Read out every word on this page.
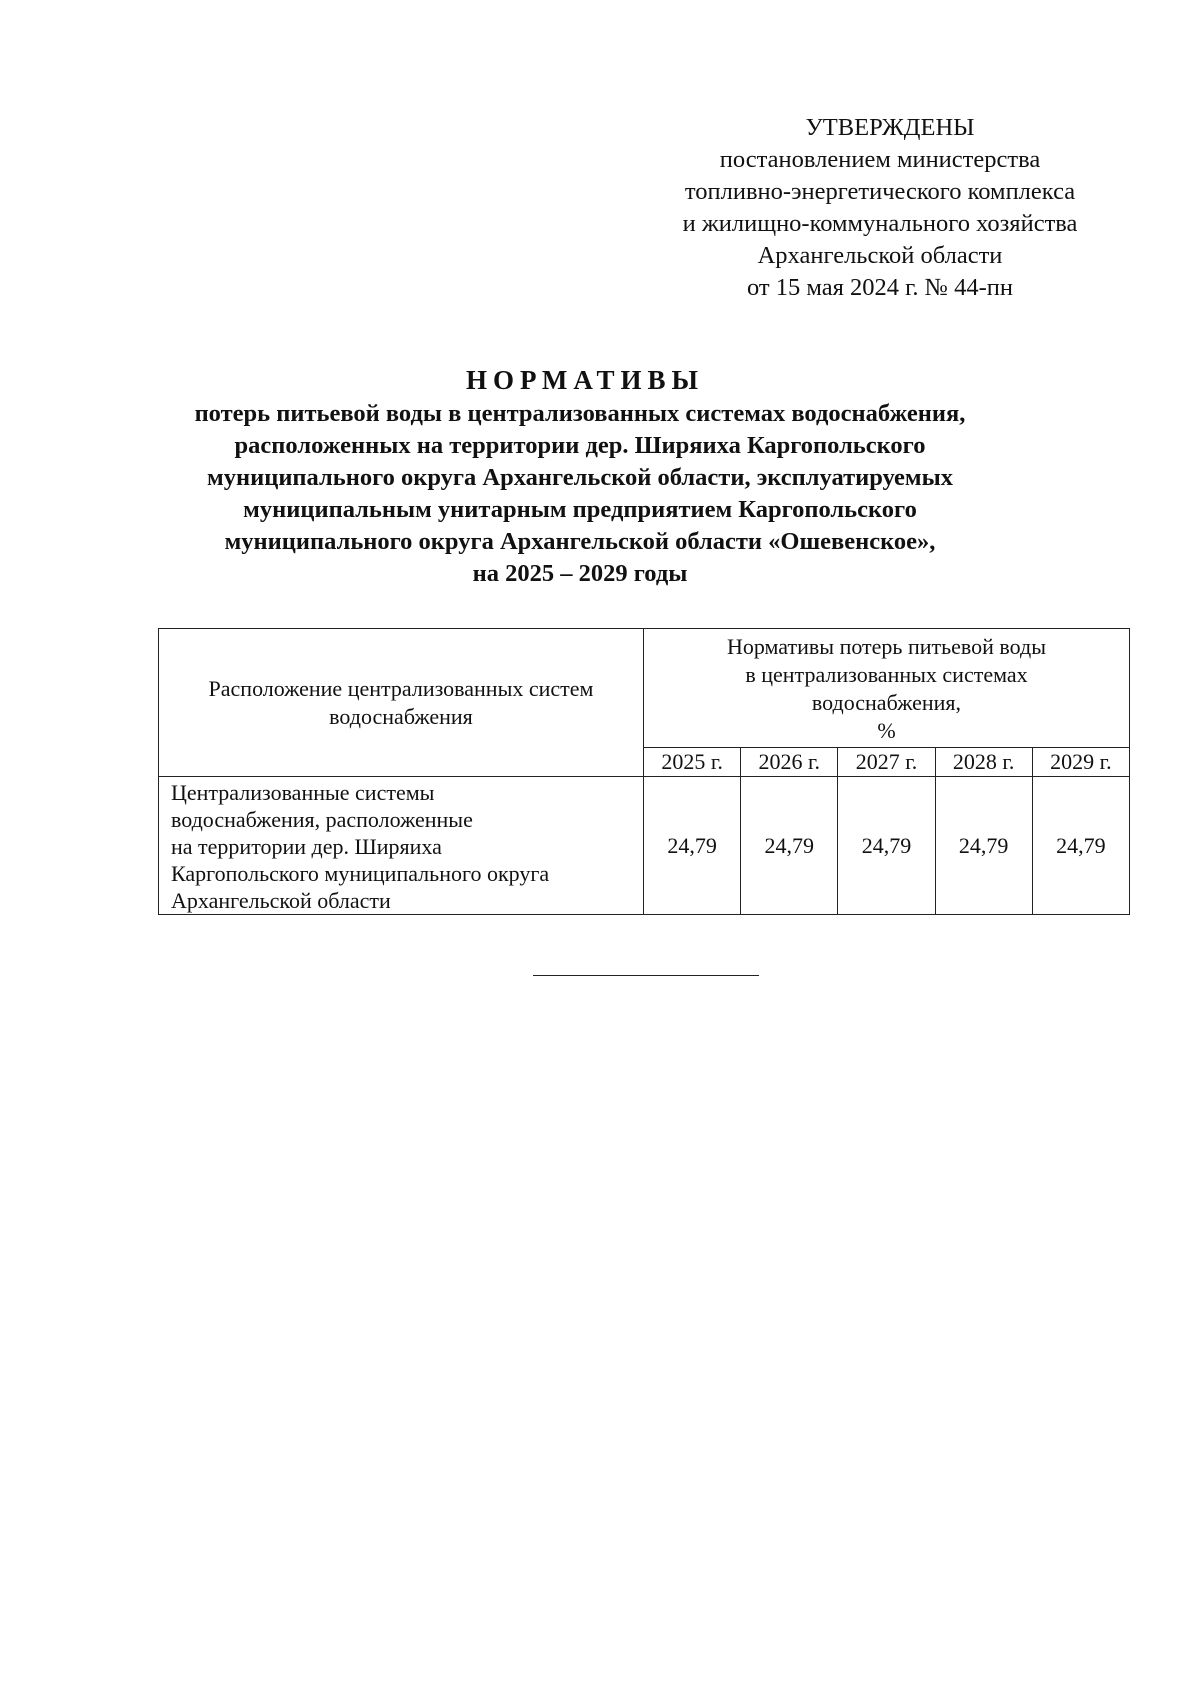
УТВЕРЖДЕНЫ
постановлением министерства
топливно-энергетического комплекса
и жилищно-коммунального хозяйства
Архангельской области
от 15 мая 2024 г. № 44-пн
НОРМАТИВЫ
потерь питьевой воды в централизованных системах водоснабжения,
расположенных на территории дер. Ширяиха Каргопольского
муниципального округа Архангельской области, эксплуатируемых
муниципальным унитарным предприятием Каргопольского
муниципального округа Архангельской области «Ошевенское»,
на 2025 – 2029 годы
Расположение централизованных систем
водоснабжения	Нормативы потерь питьевой воды
в централизованных системах
водоснабжения,
%				

	2025 г.	2026 г.	2027 г.	2028 г.	2029 г.

Централизованные системы
водоснабжения, расположенные
на территории дер. Ширяиха
Каргопольского муниципального округа
Архангельской области	24,79	24,79	24,79	24,79	24,79
